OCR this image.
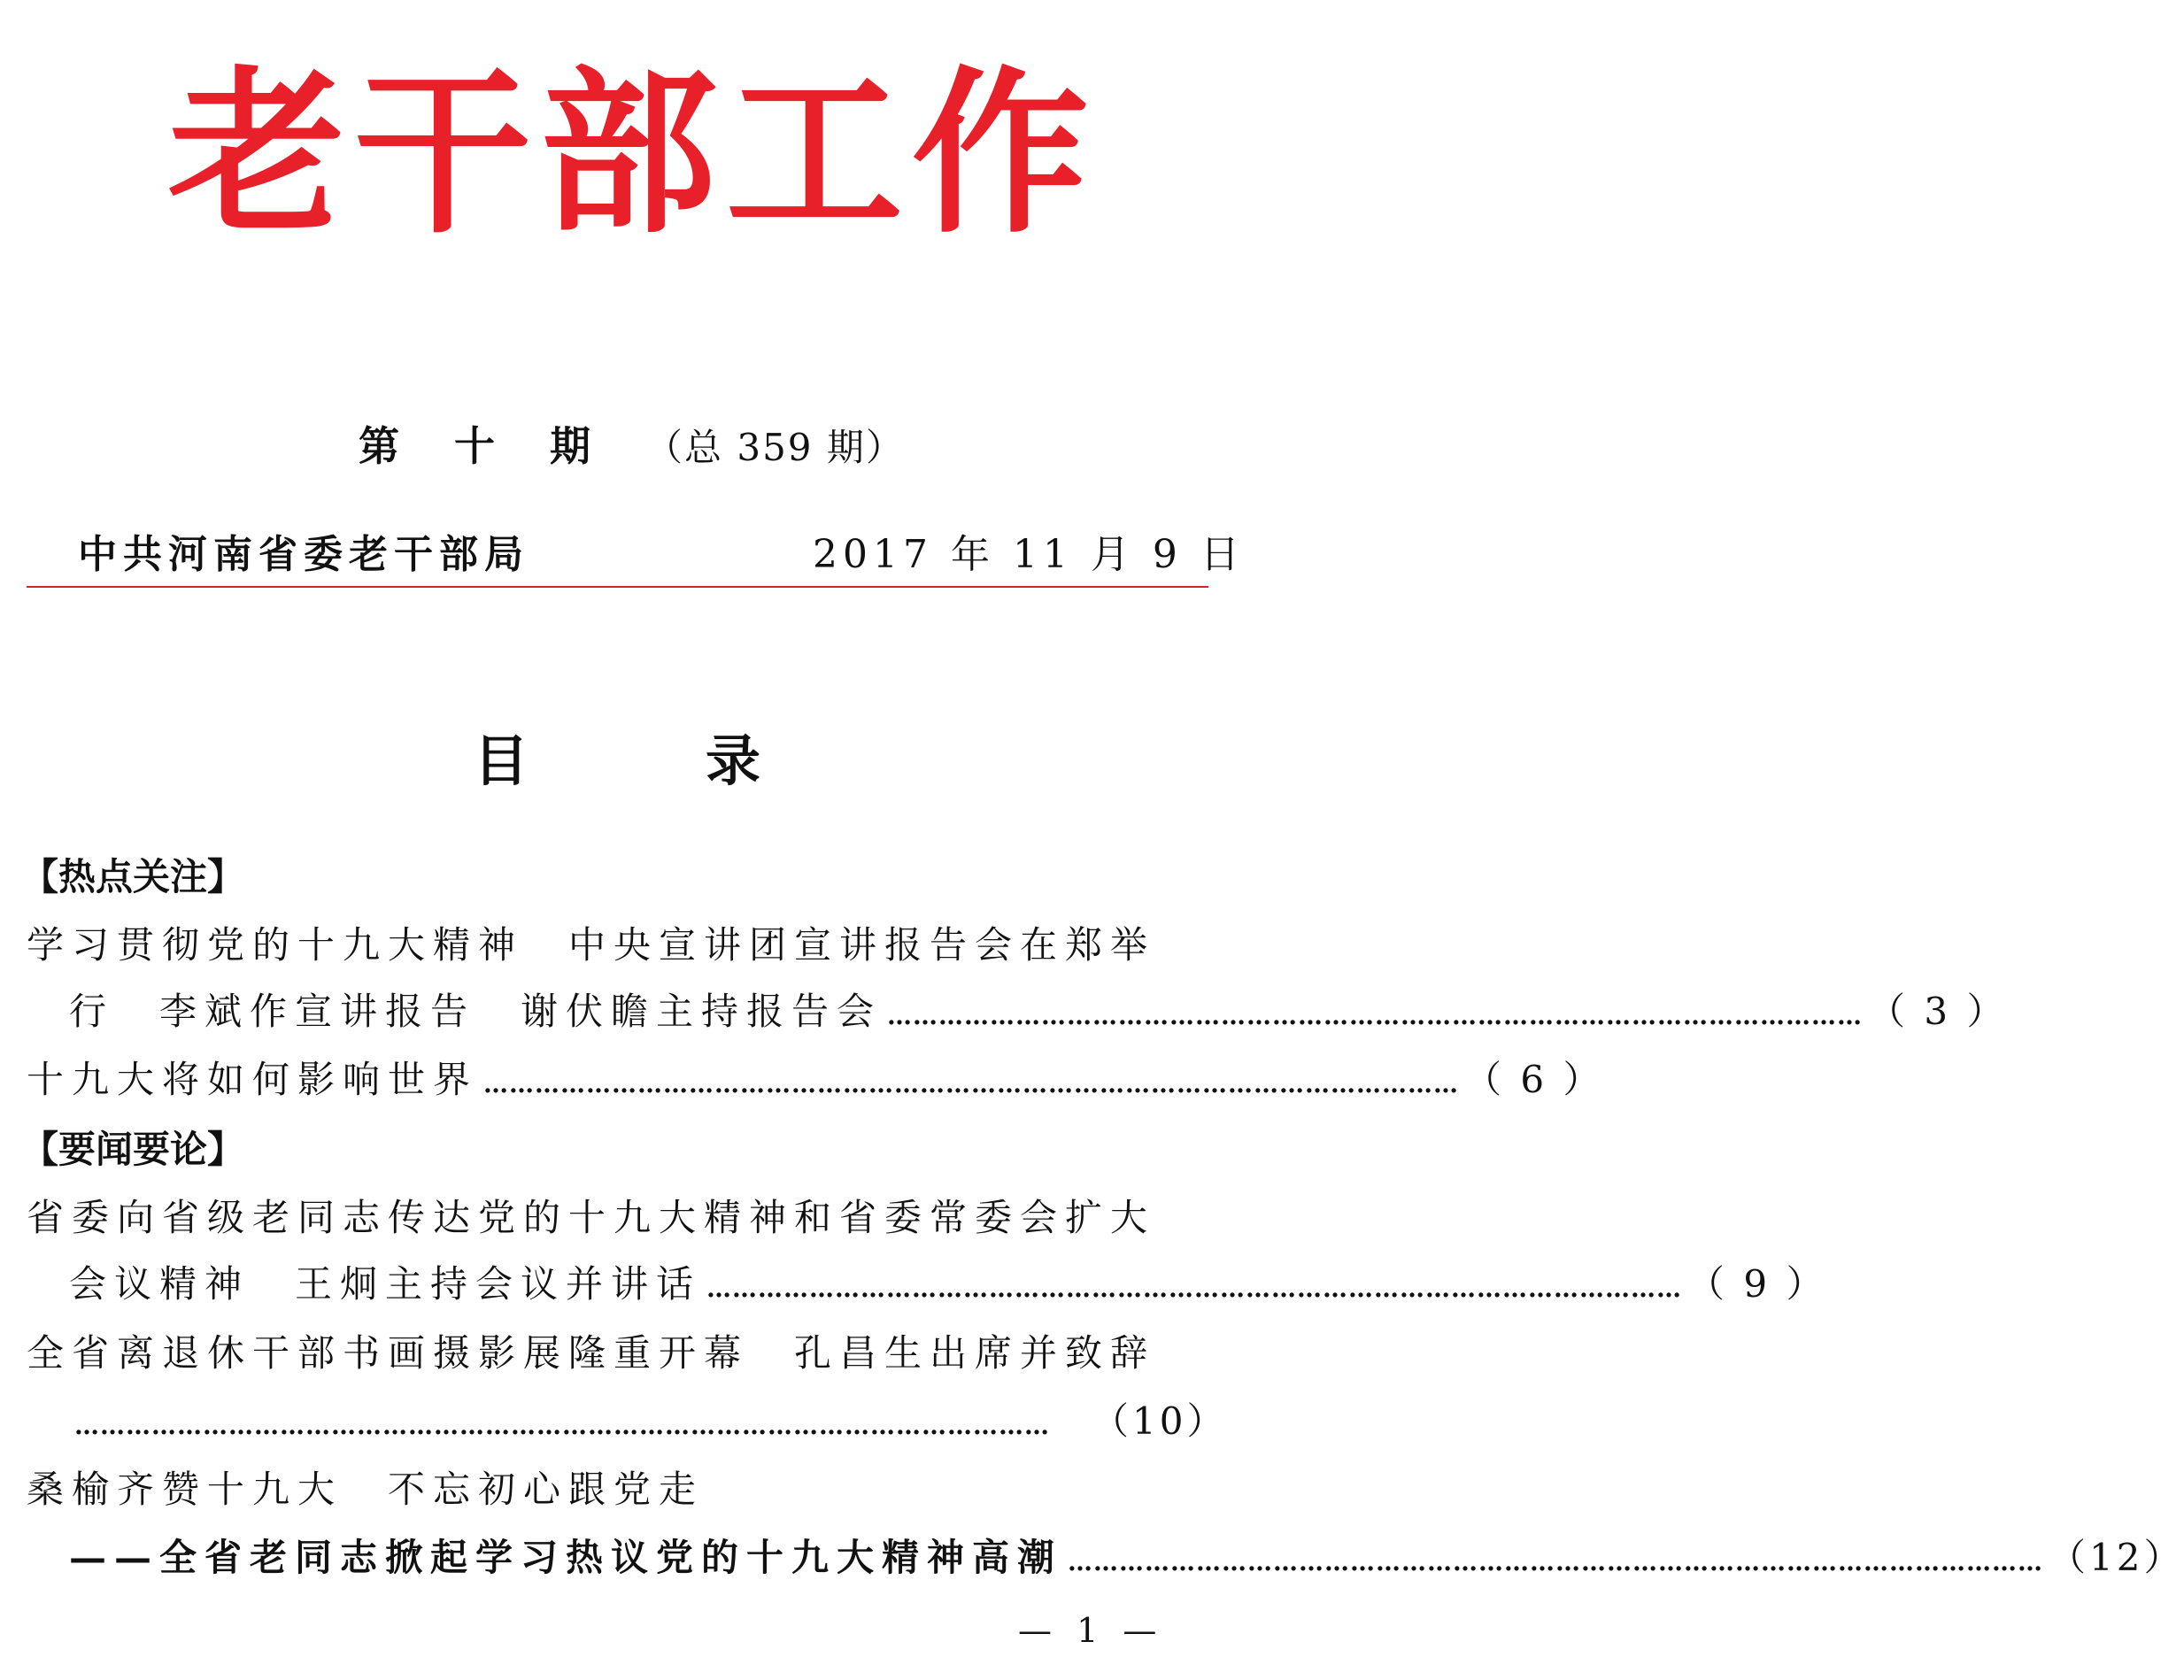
老 干 部 工 作
第十期（总 359 期）
中共河南省委老干部局	2017 年 11 月 9 日
目录
【热点关注】
学习贯彻党的十九大精神　中央宣讲团宣讲报告会在郑举
行　李斌作宣讲报告　谢伏瞻主持报告会 …………………………………………………………………………………………………… （ 3 ）
十九大将如何影响世界 …………………………………………………………………………………………………… （ 6 ）
【要闻要论】
省委向省级老同志传达党的十九大精神和省委常委会扩大
会议精神　王炯主持会议并讲话 …………………………………………………………………………………………………… （ 9 ）
全省离退休干部书画摄影展隆重开幕　孔昌生出席并致辞
……………………………………………………………………………………………………	（10）
桑榆齐赞十九大　不忘初心跟党走
——全省老同志掀起学习热议党的十九大精神高潮 …………………………………………………………………………………………………… （12）
— 1 —
